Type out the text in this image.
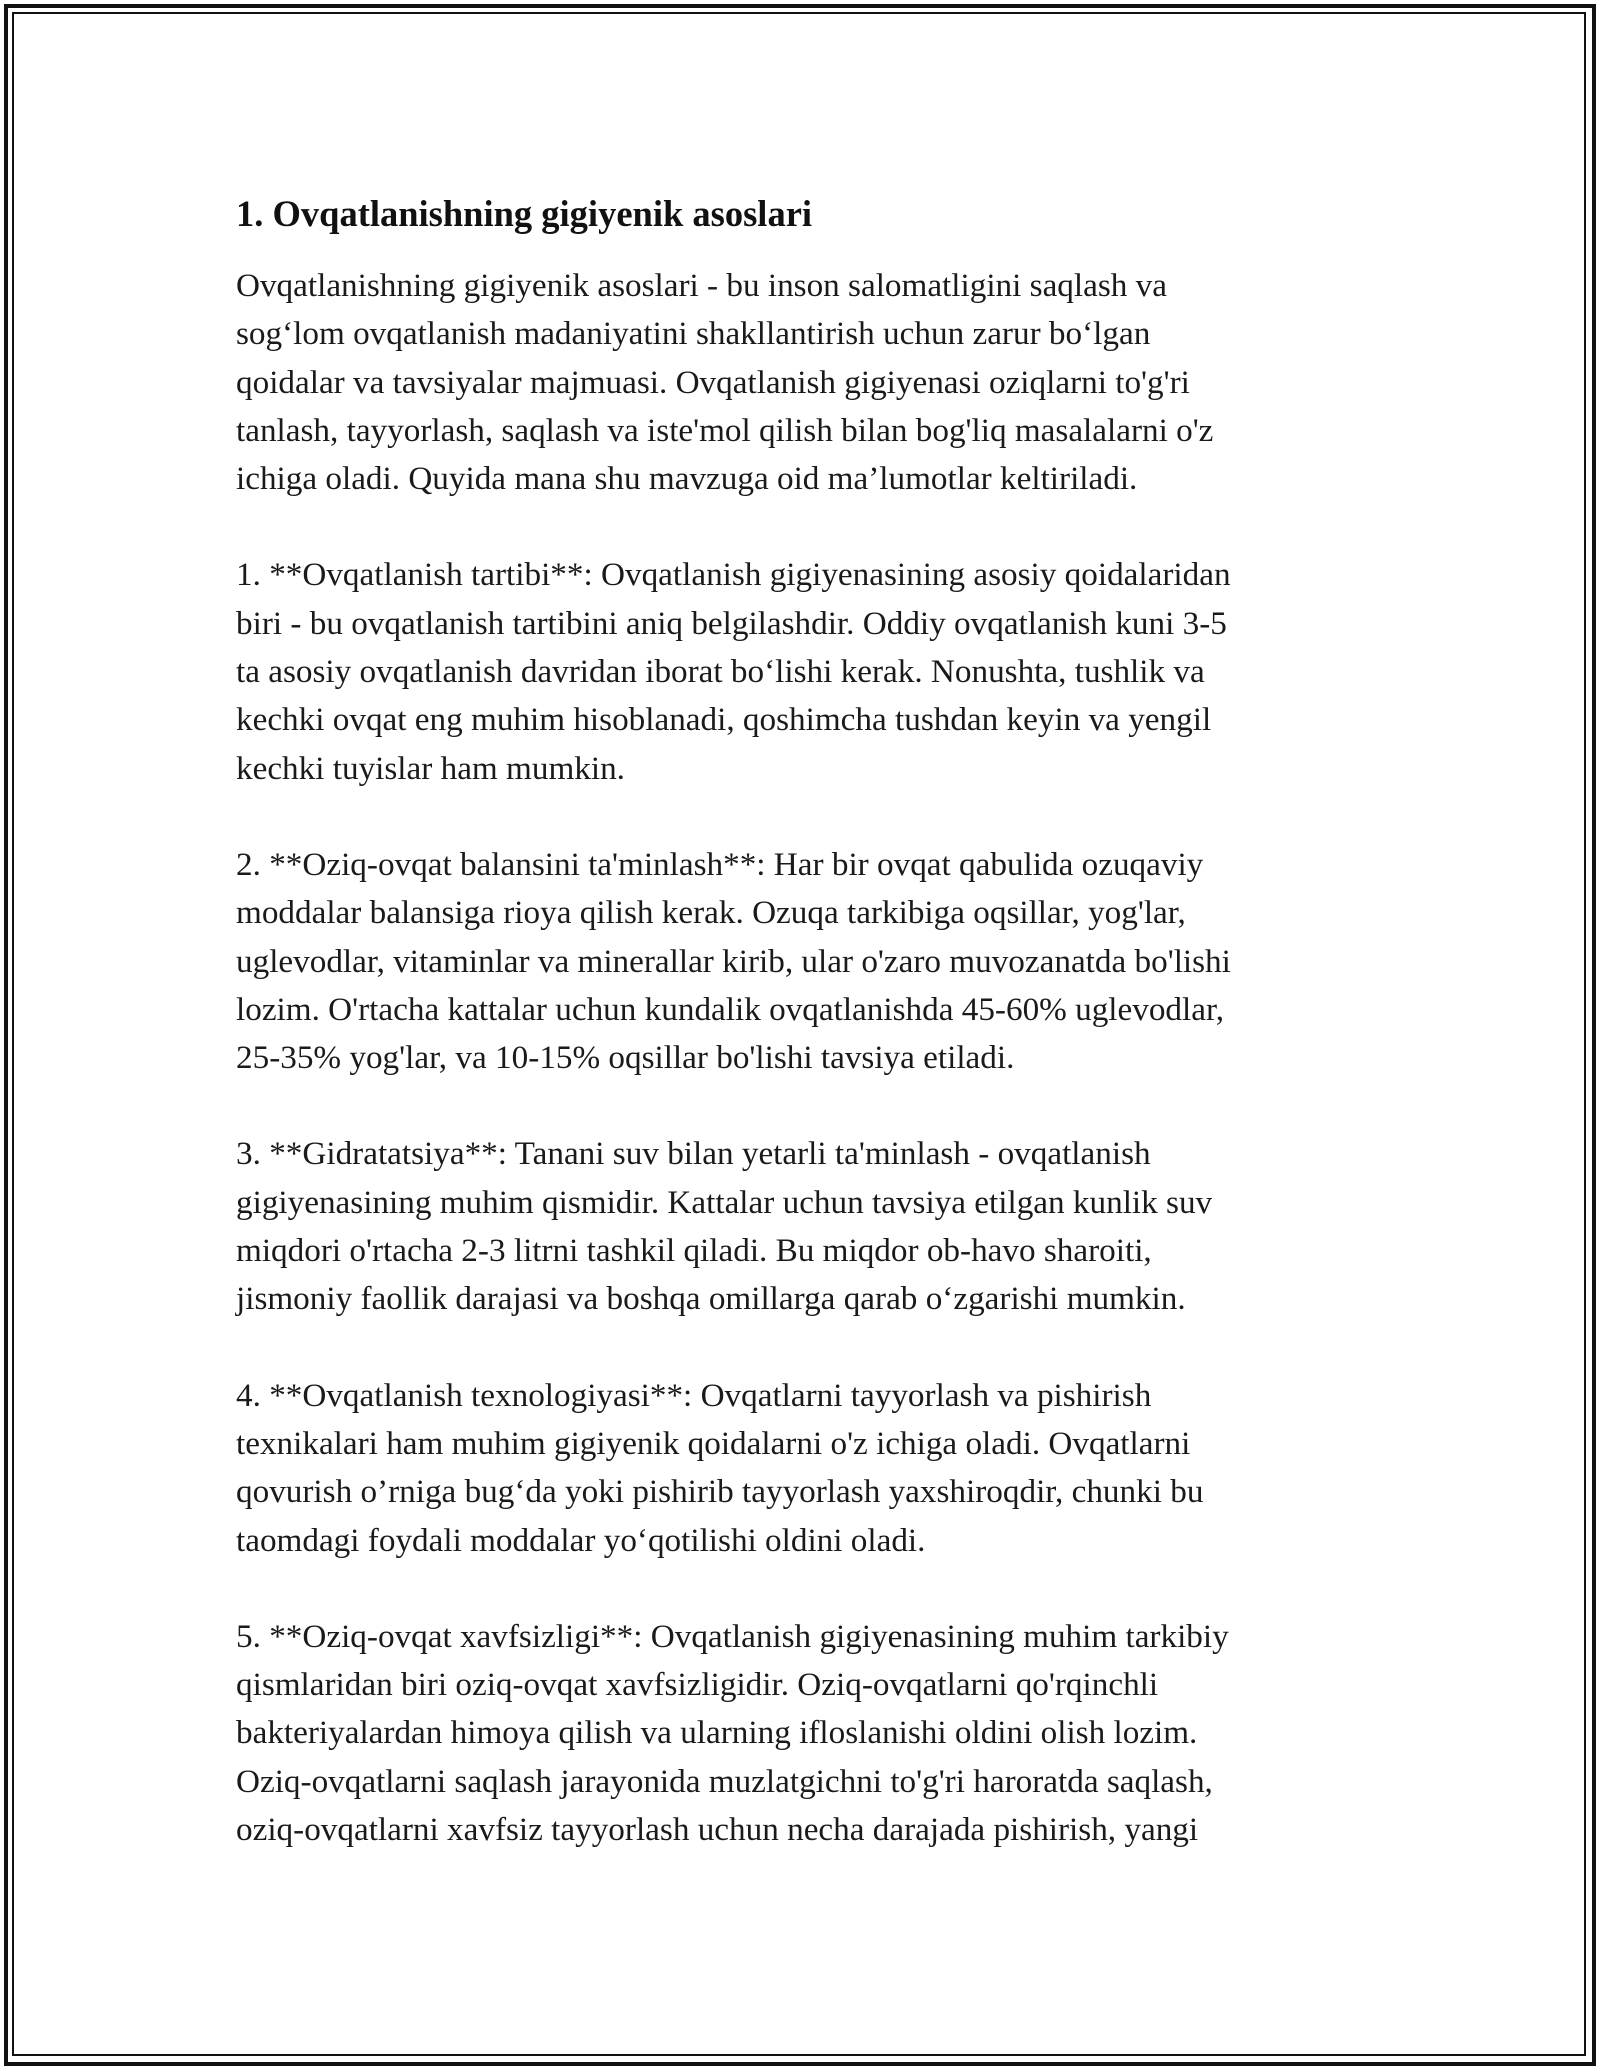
1. Ovqatlanishning gigiyenik asoslari

Ovqatlanishning gigiyenik asoslari - bu inson salomatligini saqlash va
sog‘lom ovqatlanish madaniyatini shakllantirish uchun zarur bo‘lgan
qoidalar va tavsiyalar majmuasi. Ovqatlanish gigiyenasi oziqlarni to'g'ri
tanlash, tayyorlash, saqlash va iste'mol qilish bilan bog'liq masalalarni o'z
ichiga oladi. Quyida mana shu mavzuga oid ma’lumotlar keltiriladi.

1. **Ovqatlanish tartibi**: Ovqatlanish gigiyenasining asosiy qoidalaridan
biri - bu ovqatlanish tartibini aniq belgilashdir. Oddiy ovqatlanish kuni 3-5
ta asosiy ovqatlanish davridan iborat bo‘lishi kerak. Nonushta, tushlik va
kechki ovqat eng muhim hisoblanadi, qoshimcha tushdan keyin va yengil
kechki tuyislar ham mumkin.

2. **Oziq-ovqat balansini ta'minlash**: Har bir ovqat qabulida ozuqaviy
moddalar balansiga rioya qilish kerak. Ozuqa tarkibiga oqsillar, yog'lar,
uglevodlar, vitaminlar va minerallar kirib, ular o'zaro muvozanatda bo'lishi
lozim. O'rtacha kattalar uchun kundalik ovqatlanishda 45-60% uglevodlar,
25-35% yog'lar, va 10-15% oqsillar bo'lishi tavsiya etiladi.

3. **Gidratatsiya**: Tanani suv bilan yetarli ta'minlash - ovqatlanish
gigiyenasining muhim qismidir. Kattalar uchun tavsiya etilgan kunlik suv
miqdori o'rtacha 2-3 litrni tashkil qiladi. Bu miqdor ob-havo sharoiti,
jismoniy faollik darajasi va boshqa omillarga qarab o‘zgarishi mumkin.

4. **Ovqatlanish texnologiyasi**: Ovqatlarni tayyorlash va pishirish
texnikalari ham muhim gigiyenik qoidalarni o'z ichiga oladi. Ovqatlarni
qovurish o’rniga bug‘da yoki pishirib tayyorlash yaxshiroqdir, chunki bu
taomdagi foydali moddalar yo‘qotilishi oldini oladi.

5. **Oziq-ovqat xavfsizligi**: Ovqatlanish gigiyenasining muhim tarkibiy
qismlaridan biri oziq-ovqat xavfsizligidir. Oziq-ovqatlarni qo'rqinchli
bakteriyalardan himoya qilish va ularning ifloslanishi oldini olish lozim.
Oziq-ovqatlarni saqlash jarayonida muzlatgichni to'g'ri haroratda saqlash,
oziq-ovqatlarni xavfsiz tayyorlash uchun necha darajada pishirish, yangi
